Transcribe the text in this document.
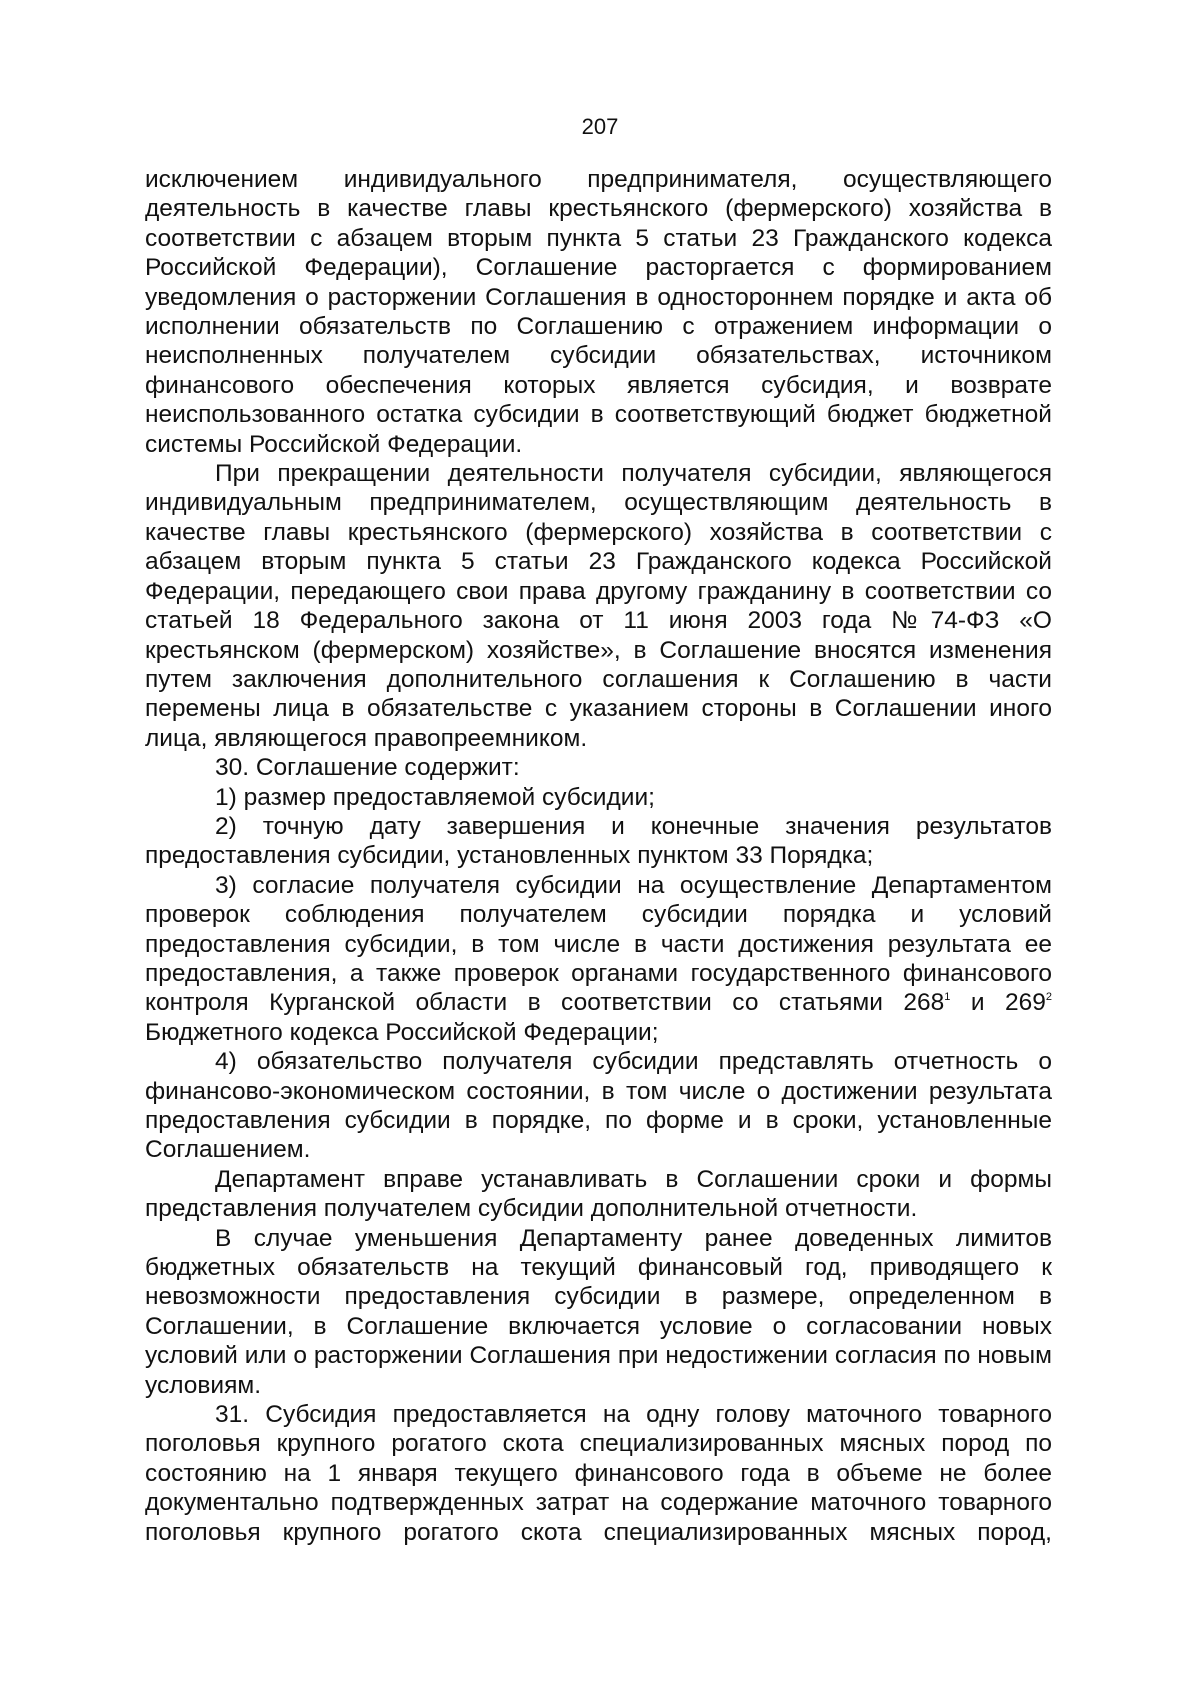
207

исключением индивидуального предпринимателя, осуществляющего деятельность в качестве главы крестьянского (фермерского) хозяйства в соответствии с абзацем вторым пункта 5 статьи 23 Гражданского кодекса Российской Федерации), Соглашение расторгается с формированием уведомления о расторжении Соглашения в одностороннем порядке и акта об исполнении обязательств по Соглашению с отражением информации о неисполненных получателем субсидии обязательствах, источником финансового обеспечения которых является субсидия, и возврате неиспользованного остатка субсидии в соответствующий бюджет бюджетной системы Российской Федерации.

При прекращении деятельности получателя субсидии, являющегося индивидуальным предпринимателем, осуществляющим деятельность в качестве главы крестьянского (фермерского) хозяйства в соответствии с абзацем вторым пункта 5 статьи 23 Гражданского кодекса Российской Федерации, передающего свои права другому гражданину в соответствии со статьей 18 Федерального закона от 11 июня 2003 года №74-ФЗ «О крестьянском (фермерском) хозяйстве», в Соглашение вносятся изменения путем заключения дополнительного соглашения к Соглашению в части перемены лица в обязательстве с указанием стороны в Соглашении иного лица, являющегося правопреемником.

30. Соглашение содержит:

1) размер предоставляемой субсидии;

2) точную дату завершения и конечные значения результатов предоставления субсидии, установленных пунктом 33 Порядка;

3) согласие получателя субсидии на осуществление Департаментом проверок соблюдения получателем субсидии порядка и условий предоставления субсидии, в том числе в части достижения результата ее предоставления, а также проверок органами государственного финансового контроля Курганской области в соответствии со статьями $268^1$ и $269^2$ Бюджетного кодекса Российской Федерации;

4) обязательство получателя субсидии представлять отчетность о финансово-экономическом состоянии, в том числе о достижении результата предоставления субсидии в порядке, по форме и в сроки, установленные Соглашением.

Департамент вправе устанавливать в Соглашении сроки и формы представления получателем субсидии дополнительной отчетности.

В случае уменьшения Департаменту ранее доведенных лимитов бюджетных обязательств на текущий финансовый год, приводящего к невозможности предоставления субсидии в размере, определенном в Соглашении, в Соглашение включается условие о согласовании новых условий или о расторжении Соглашения при недостижении согласия по новым условиям.

31. Субсидия предоставляется на одну голову маточного товарного поголовья крупного рогатого скота специализированных мясных пород по состоянию на 1 января текущего финансового года в объеме не более документально подтвержденных затрат на содержание маточного товарного поголовья крупного рогатого скота специализированных мясных пород,
